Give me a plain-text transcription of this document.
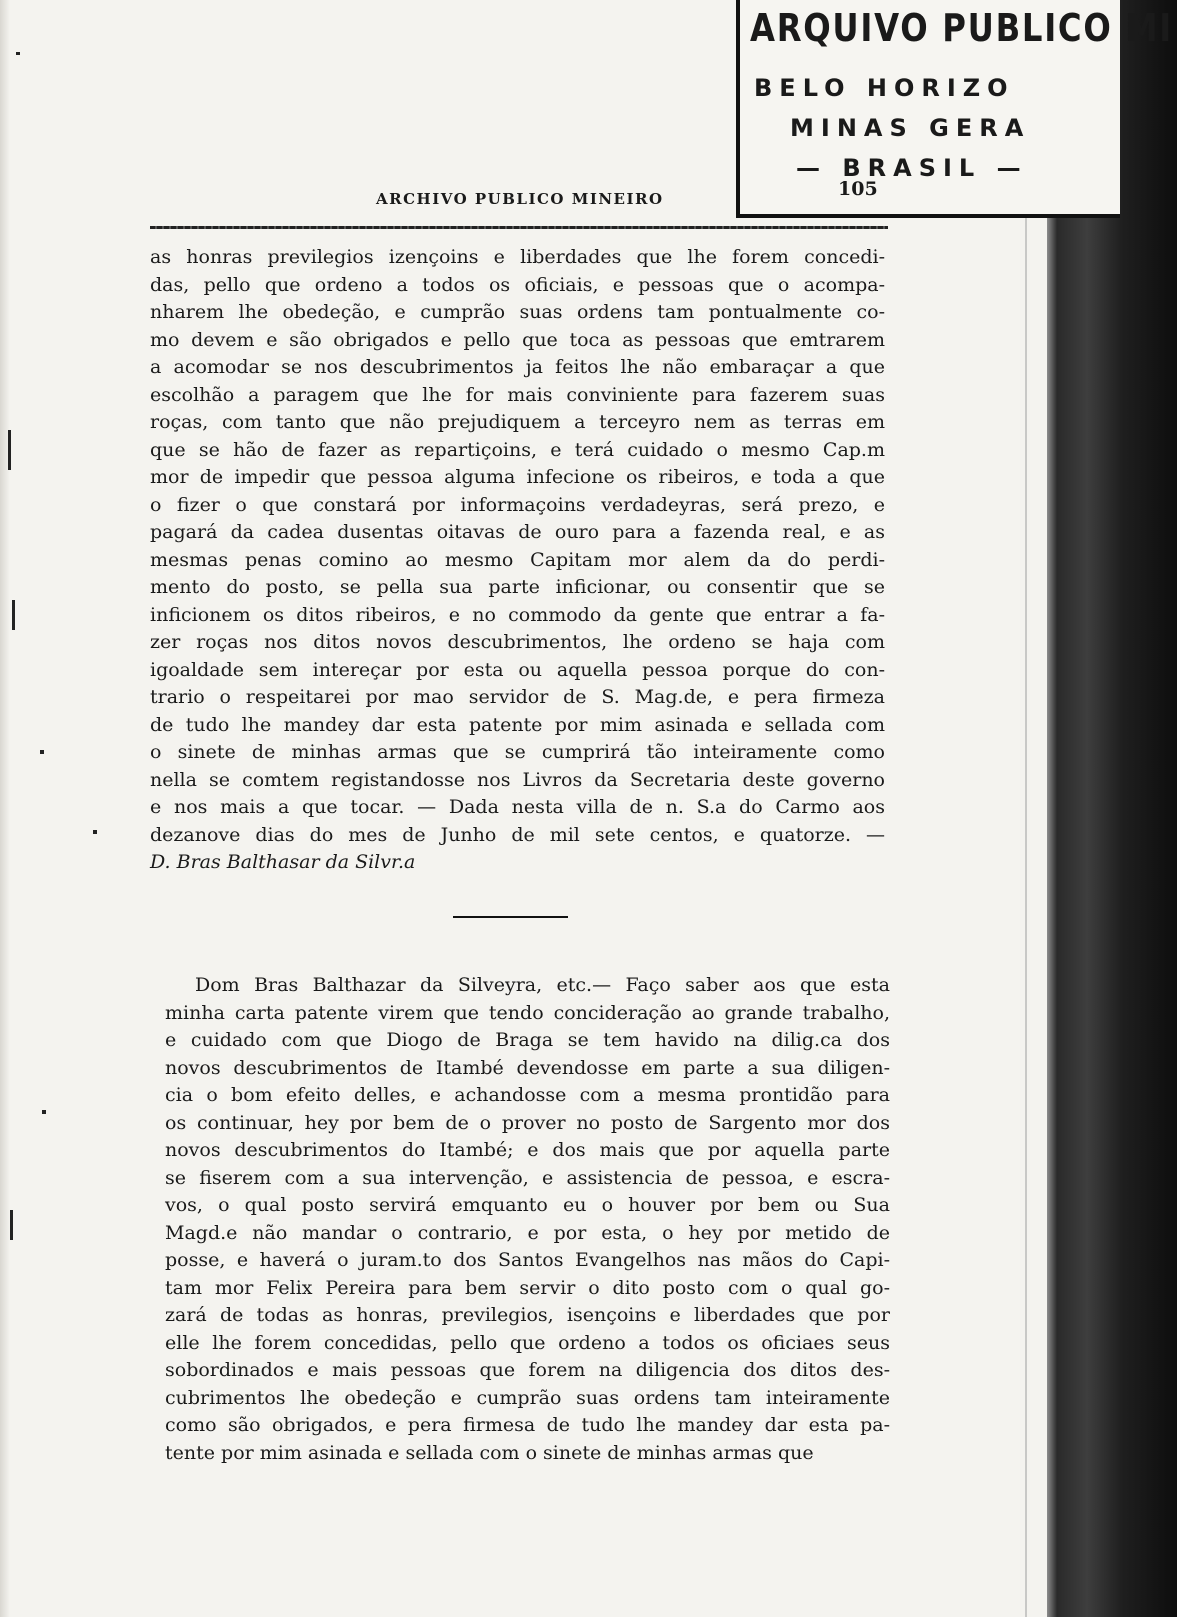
ARQUIVO PUBLICO MI
BELO HORIZO
MINAS GERA
— BRASIL —
ARCHIVO PUBLICO MINEIRO	105
as honras previlegios izençoins e liberdades que lhe forem concedi-
das, pello que ordeno a todos os oficiais, e pessoas que o acompa-
nharem lhe obedeção, e cumprão suas ordens tam pontualmente co-
mo devem e são obrigados e pello que toca as pessoas que emtrarem
a acomodar se nos descubrimentos ja feitos lhe não embaraçar a que
escolhão a paragem que lhe for mais conviniente para fazerem suas
roças, com tanto que não prejudiquem a terceyro nem as terras em
que se hão de fazer as repartiçoins, e terá cuidado o mesmo Cap.m
mor de impedir que pessoa alguma infecione os ribeiros, e toda a que
o fizer o que constará por informaçoins verdadeyras, será prezo, e
pagará da cadea dusentas oitavas de ouro para a fazenda real, e as
mesmas penas comino ao mesmo Capitam mor alem da do perdi-
mento do posto, se pella sua parte inficionar, ou consentir que se
inficionem os ditos ribeiros, e no commodo da gente que entrar a fa-
zer roças nos ditos novos descubrimentos, lhe ordeno se haja com
igoaldade sem intereçar por esta ou aquella pessoa porque do con-
trario o respeitarei por mao servidor de S. Mag.de, e pera firmeza
de tudo lhe mandey dar esta patente por mim asinada e sellada com
o sinete de minhas armas que se cumprirá tão inteiramente como
nella se comtem registandosse nos Livros da Secretaria deste governo
e nos mais a que tocar. — Dada nesta villa de n. S.a do Carmo aos
dezanove dias do mes de Junho de mil sete centos, e quatorze. —
D. Bras Balthasar da Silvr.a
Dom Bras Balthazar da Silveyra, etc.— Faço saber aos que esta
minha carta patente virem que tendo concideração ao grande trabalho,
e cuidado com que Diogo de Braga se tem havido na dilig.ca dos
novos descubrimentos de Itambé devendosse em parte a sua diligen-
cia o bom efeito delles, e achandosse com a mesma prontidão para
os continuar, hey por bem de o prover no posto de Sargento mor dos
novos descubrimentos do Itambé; e dos mais que por aquella parte
se fiserem com a sua intervenção, e assistencia de pessoa, e escra-
vos, o qual posto servirá emquanto eu o houver por bem ou Sua
Magd.e não mandar o contrario, e por esta, o hey por metido de
posse, e haverá o juram.to dos Santos Evangelhos nas mãos do Capi-
tam mor Felix Pereira para bem servir o dito posto com o qual go-
zará de todas as honras, previlegios, isençoins e liberdades que por
elle lhe forem concedidas, pello que ordeno a todos os oficiaes seus
sobordinados e mais pessoas que forem na diligencia dos ditos des-
cubrimentos lhe obedeção e cumprão suas ordens tam inteiramente
como são obrigados, e pera firmesa de tudo lhe mandey dar esta pa-
tente por mim asinada e sellada com o sinete de minhas armas que
